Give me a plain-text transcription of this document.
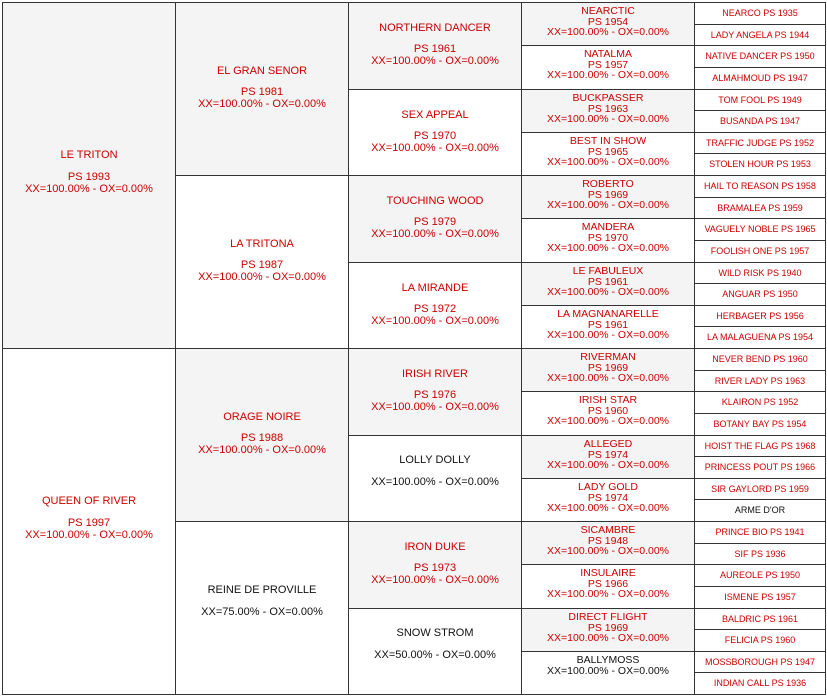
LE TRITON
PS 1993
XX=100.00% - OX=0.00%
QUEEN OF RIVER
PS 1997
XX=100.00% - OX=0.00%
EL GRAN SENOR
PS 1981
XX=100.00% - OX=0.00%
LA TRITONA
PS 1987
XX=100.00% - OX=0.00%
ORAGE NOIRE
PS 1988
XX=100.00% - OX=0.00%
REINE DE PROVILLE
XX=75.00% - OX=0.00%
NORTHERN DANCER
PS 1961
XX=100.00% - OX=0.00%
SEX APPEAL
PS 1970
XX=100.00% - OX=0.00%
TOUCHING WOOD
PS 1979
XX=100.00% - OX=0.00%
LA MIRANDE
PS 1972
XX=100.00% - OX=0.00%
IRISH RIVER
PS 1976
XX=100.00% - OX=0.00%
LOLLY DOLLY
XX=100.00% - OX=0.00%
IRON DUKE
PS 1973
XX=100.00% - OX=0.00%
SNOW STROM
XX=50.00% - OX=0.00%
NEARCTIC
PS 1954
XX=100.00% - OX=0.00%
NATALMA
PS 1957
XX=100.00% - OX=0.00%
BUCKPASSER
PS 1963
XX=100.00% - OX=0.00%
BEST IN SHOW
PS 1965
XX=100.00% - OX=0.00%
ROBERTO
PS 1969
XX=100.00% - OX=0.00%
MANDERA
PS 1970
XX=100.00% - OX=0.00%
LE FABULEUX
PS 1961
XX=100.00% - OX=0.00%
LA MAGNANARELLE
PS 1961
XX=100.00% - OX=0.00%
RIVERMAN
PS 1969
XX=100.00% - OX=0.00%
IRISH STAR
PS 1960
XX=100.00% - OX=0.00%
ALLEGED
PS 1974
XX=100.00% - OX=0.00%
LADY GOLD
PS 1974
XX=100.00% - OX=0.00%
SICAMBRE
PS 1948
XX=100.00% - OX=0.00%
INSULAIRE
PS 1966
XX=100.00% - OX=0.00%
DIRECT FLIGHT
PS 1969
XX=100.00% - OX=0.00%
BALLYMOSS
XX=100.00% - OX=0.00%
NEARCO PS 1935
LADY ANGELA PS 1944
NATIVE DANCER PS 1950
ALMAHMOUD PS 1947
TOM FOOL PS 1949
BUSANDA PS 1947
TRAFFIC JUDGE PS 1952
STOLEN HOUR PS 1953
HAIL TO REASON PS 1958
BRAMALEA PS 1959
VAGUELY NOBLE PS 1965
FOOLISH ONE PS 1957
WILD RISK PS 1940
ANGUAR PS 1950
HERBAGER PS 1956
LA MALAGUENA PS 1954
NEVER BEND PS 1960
RIVER LADY PS 1963
KLAIRON PS 1952
BOTANY BAY PS 1954
HOIST THE FLAG PS 1968
PRINCESS POUT PS 1966
SIR GAYLORD PS 1959
ARME D'OR
PRINCE BIO PS 1941
SIF PS 1936
AUREOLE PS 1950
ISMENE PS 1957
BALDRIC PS 1961
FELICIA PS 1960
MOSSBOROUGH PS 1947
INDIAN CALL PS 1936
